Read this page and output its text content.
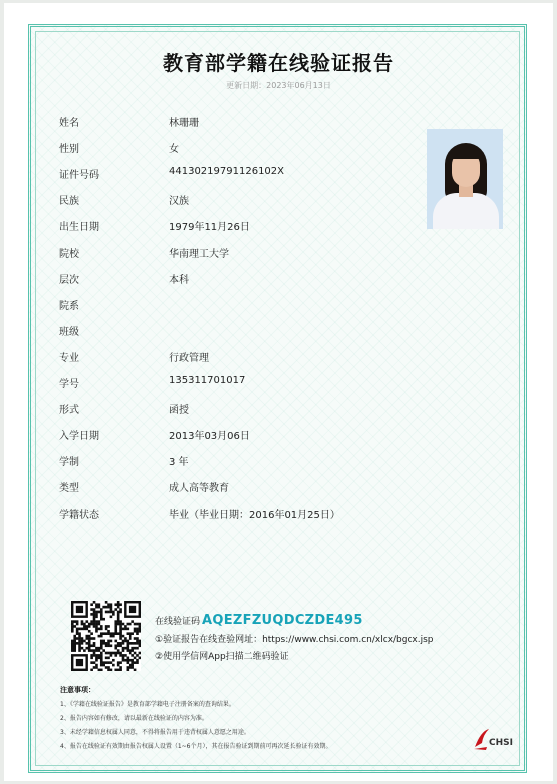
教育部学籍在线验证报告
更新日期：2023年06月13日
姓名	林珊珊
性别	女
证件号码	44130219791126102X
民族	汉族
出生日期	1979年11月26日
院校	华南理工大学
层次	本科
院系
班级
专业	行政管理
学号	135311701017
形式	函授
入学日期	2013年03月06日
学制	3 年
类型	成人高等教育
学籍状态	毕业（毕业日期：2016年01月25日）
在线验证码 AQEZFZUQDCZDE495
①验证报告在线查验网址：https://www.chsi.com.cn/xlcx/bgcx.jsp
②使用学信网App扫描二维码验证
注意事项：
1、《学籍在线验证报告》是教育部学籍电子注册备案的查询结果。
2、报告内容如有修改，请以最新在线验证的内容为准。
3、未经学籍信息权属人同意，不得将报告用于违背权属人意愿之用途。
4、报告在线验证有效期由报告权属人设置（1~6个月），其在报告验证到期前可再次延长验证有效期。	CHSI
